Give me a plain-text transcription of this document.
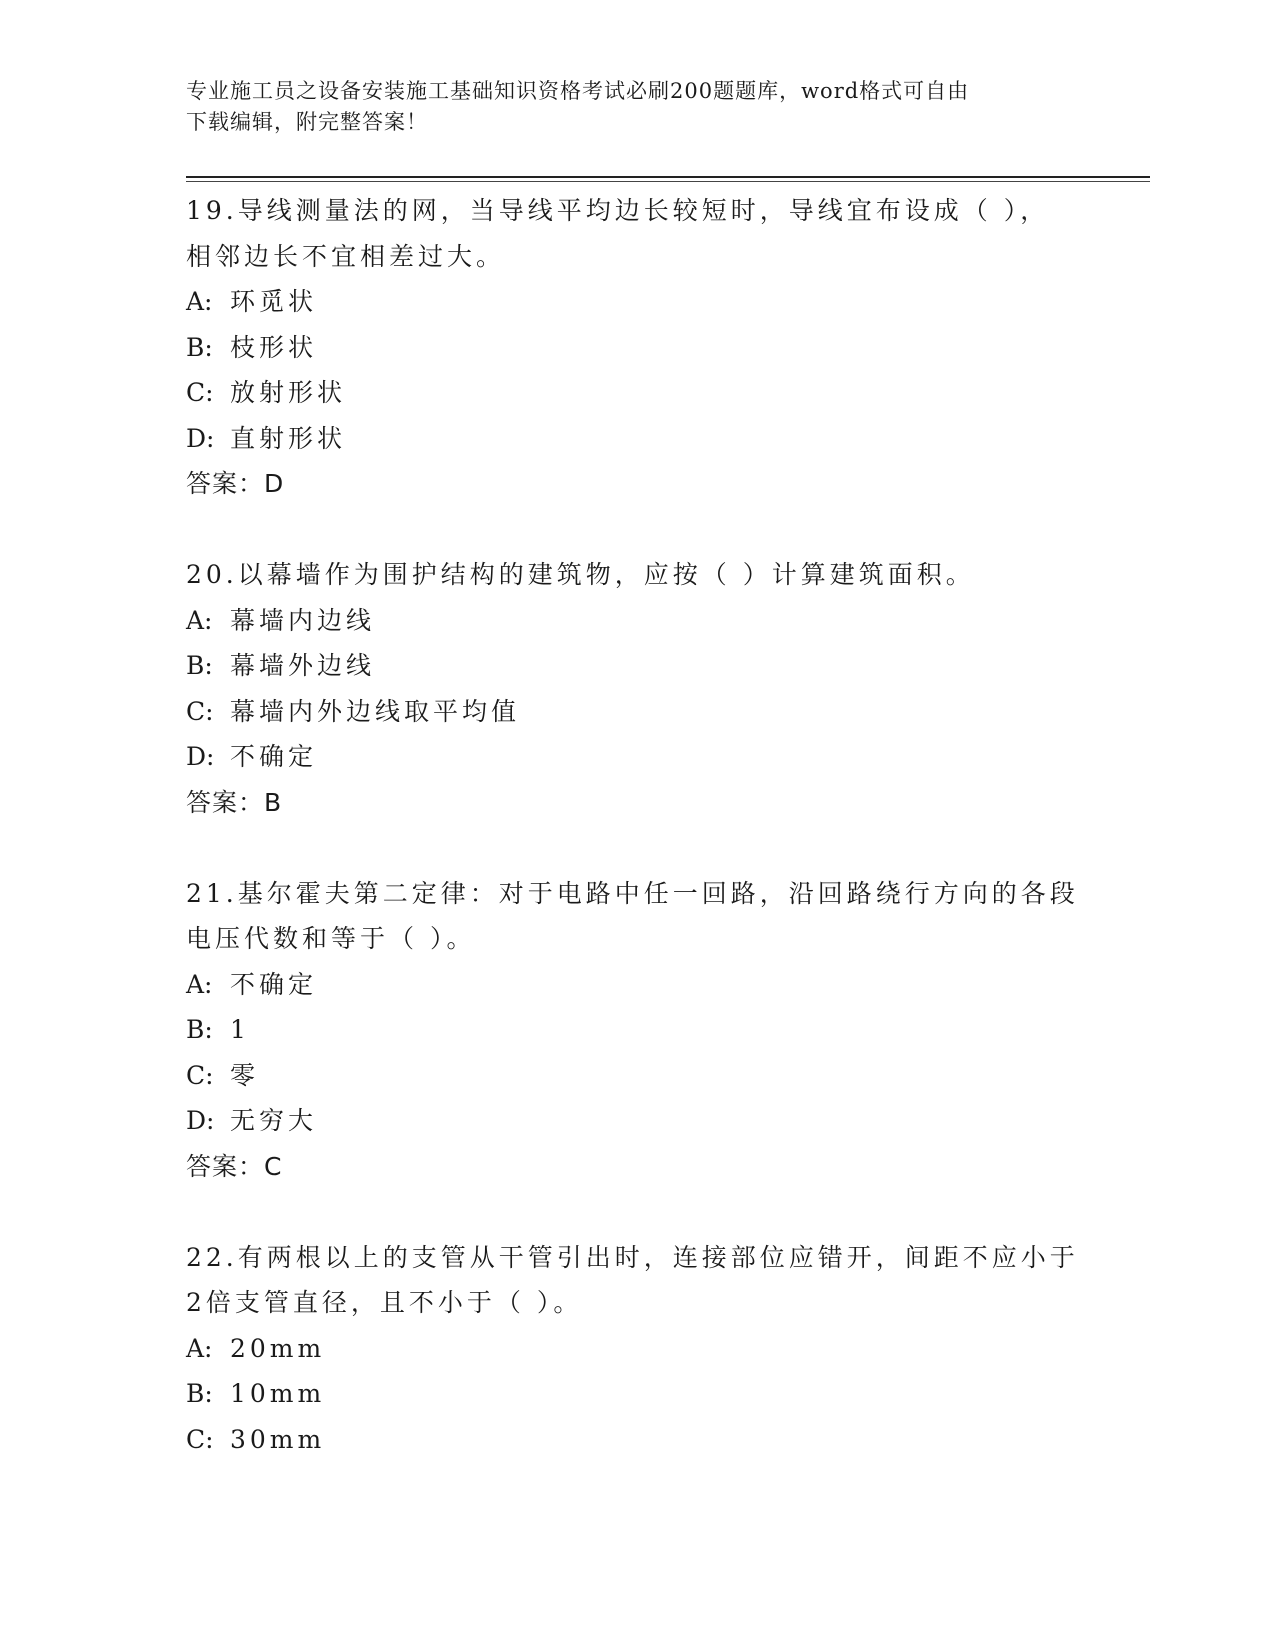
专业施工员之设备安装施工基础知识资格考试必刷200题题库，word格式可自由
下载编辑，附完整答案！

19.导线测量法的网，当导线平均边长较短时，导线宜布设成（ ），

相邻边长不宜相差过大。

A: 环觅状

B: 枝形状

C: 放射形状

D: 直射形状

答案：D

20.以幕墙作为围护结构的建筑物，应按（ ）计算建筑面积。

A: 幕墙内边线

B: 幕墙外边线

C: 幕墙内外边线取平均值

D: 不确定

答案：B

21.基尔霍夫第二定律：对于电路中任一回路，沿回路绕行方向的各段

电压代数和等于（ ）。

A: 不确定

B: 1

C: 零

D: 无穷大

答案：C

22.有两根以上的支管从干管引出时，连接部位应错开，间距不应小于

2倍支管直径，且不小于（ ）。

A: 20mm

B: 10mm

C: 30mm
